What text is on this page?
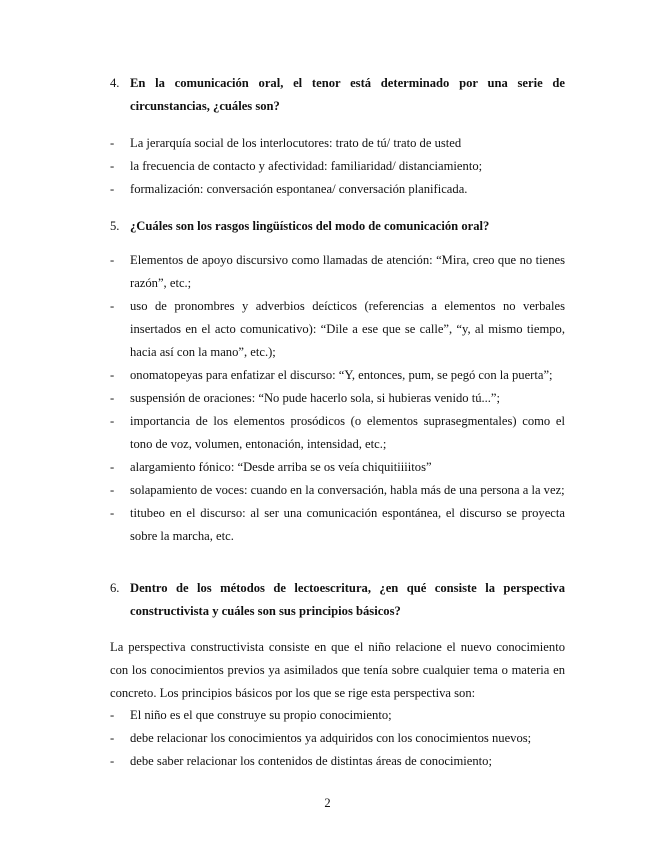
4. En la comunicación oral, el tenor está determinado por una serie de circunstancias, ¿cuáles son?
- La jerarquía social de los interlocutores: trato de tú/ trato de usted
- la frecuencia de contacto y afectividad: familiaridad/ distanciamiento;
- formalización: conversación espontanea/ conversación planificada.
5. ¿Cuáles son los rasgos lingüísticos del modo de comunicación oral?
- Elementos de apoyo discursivo como llamadas de atención: “Mira, creo que no tienes razón”, etc.;
- uso de pronombres y adverbios deícticos (referencias a elementos no verbales insertados en el acto comunicativo): “Dile a ese que se calle”, “y, al mismo tiempo, hacia así con la mano”, etc.);
- onomatopeyas para enfatizar el discurso: “Y, entonces, pum, se pegó con la puerta”;
- suspensión de oraciones: “No pude hacerlo sola, si hubieras venido tú...”;
- importancia de los elementos prosódicos (o elementos suprasegmentales) como el tono de voz, volumen, entonación, intensidad, etc.;
- alargamiento fónico: “Desde arriba se os veía chiquitiiiitos”
- solapamiento de voces: cuando en la conversación, habla más de una persona a la vez;
- titubeo en el discurso: al ser una comunicación espontánea, el discurso se proyecta sobre la marcha, etc.
6. Dentro de los métodos de lectoescritura, ¿en qué consiste la perspectiva constructivista y cuáles son sus principios básicos?

La perspectiva constructivista consiste en que el niño relacione el nuevo conocimiento con los conocimientos previos ya asimilados que tenía sobre cualquier tema o materia en concreto. Los principios básicos por los que se rige esta perspectiva son:

- El niño es el que construye su propio conocimiento;
- debe relacionar los conocimientos ya adquiridos con los conocimientos nuevos;
- debe saber relacionar los contenidos de distintas áreas de conocimiento;
2
